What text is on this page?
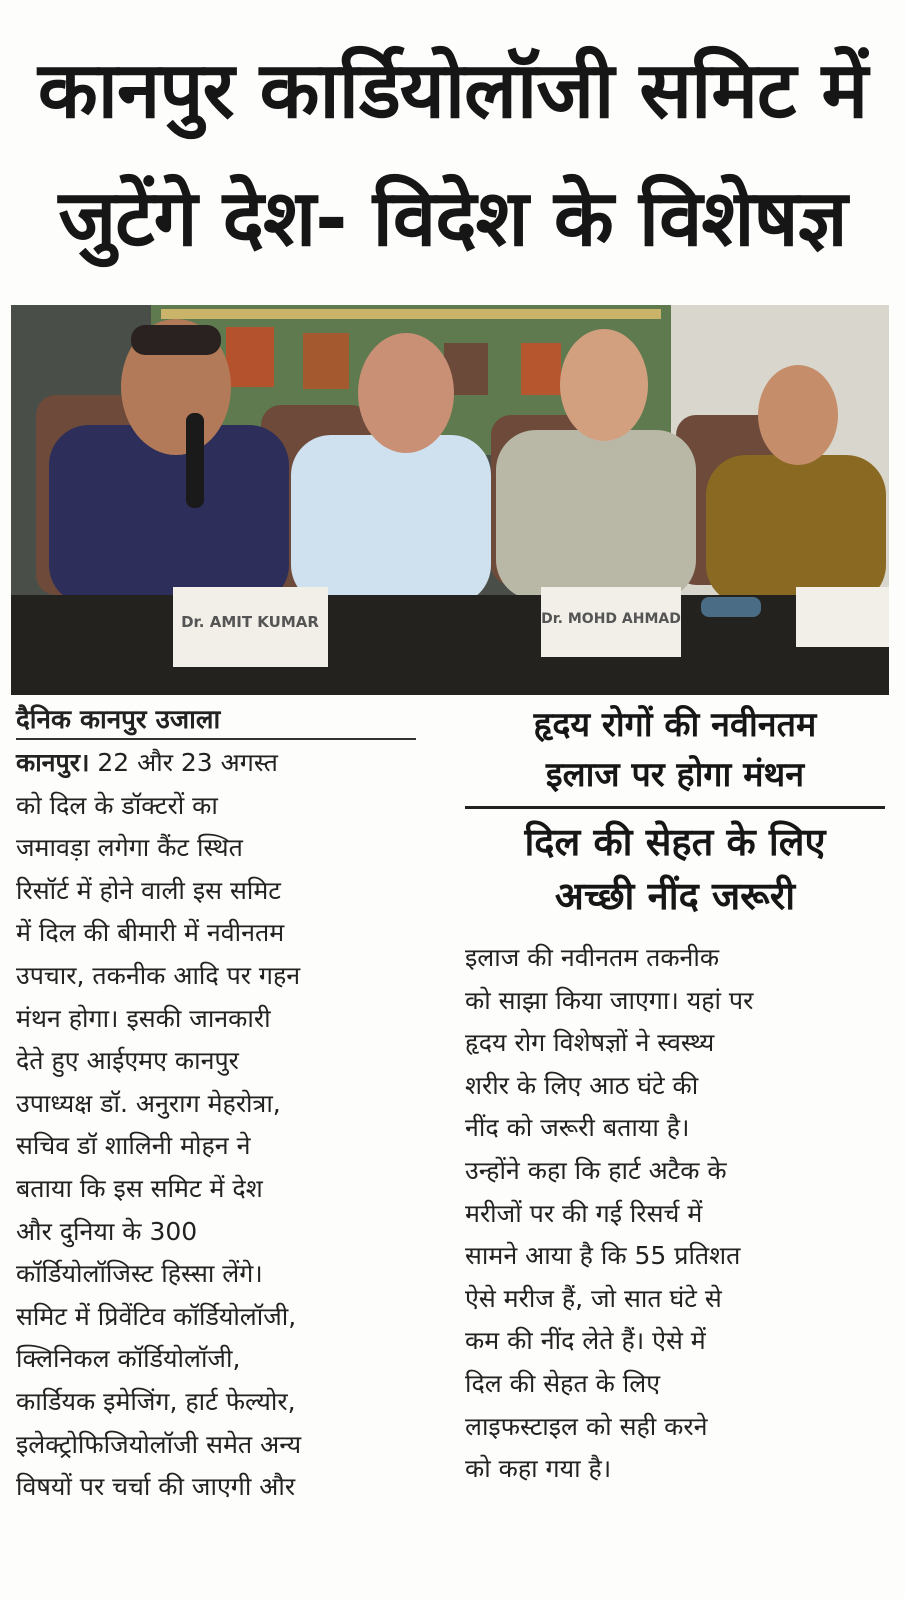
कानपुर कार्डियोलॉजी समिट में
जुटेंगे देश- विदेश के विशेषज्ञ
Dr. AMIT KUMAR	Dr. MOHD AHMAD
दैनिक कानपुर उजाला
कानपुर। 22 और 23 अगस्त
को दिल के डॉक्टरों का
जमावड़ा लगेगा कैंट स्थित
रिसॉर्ट में होने वाली इस समिट
में दिल की बीमारी में नवीनतम
उपचार, तकनीक आदि पर गहन
मंथन होगा। इसकी जानकारी
देते हुए आईएमए कानपुर
उपाध्यक्ष डॉ. अनुराग मेहरोत्रा,
सचिव डॉ शालिनी मोहन ने
बताया कि इस समिट में देश
और दुनिया के 300
कॉर्डियोलॉजिस्ट हिस्सा लेंगे।
समिट में प्रिवेंटिव कॉर्डियोलॉजी,
क्लिनिकल कॉर्डियोलॉजी,
कार्डियक इमेजिंग, हार्ट फेल्योर,
इलेक्ट्रोफिजियोलॉजी समेत अन्य
विषयों पर चर्चा की जाएगी और
हृदय रोगों की नवीनतम
इलाज पर होगा मंथन
दिल की सेहत के लिए
अच्छी नींद जरूरी
इलाज की नवीनतम तकनीक
को साझा किया जाएगा। यहां पर
हृदय रोग विशेषज्ञों ने स्वस्थ्य
शरीर के लिए आठ घंटे की
नींद को जरूरी बताया है।
उन्होंने कहा कि हार्ट अटैक के
मरीजों पर की गई रिसर्च में
सामने आया है कि 55 प्रतिशत
ऐसे मरीज हैं, जो सात घंटे से
कम की नींद लेते हैं। ऐसे में
दिल की सेहत के लिए
लाइफस्टाइल को सही करने
को कहा गया है।
